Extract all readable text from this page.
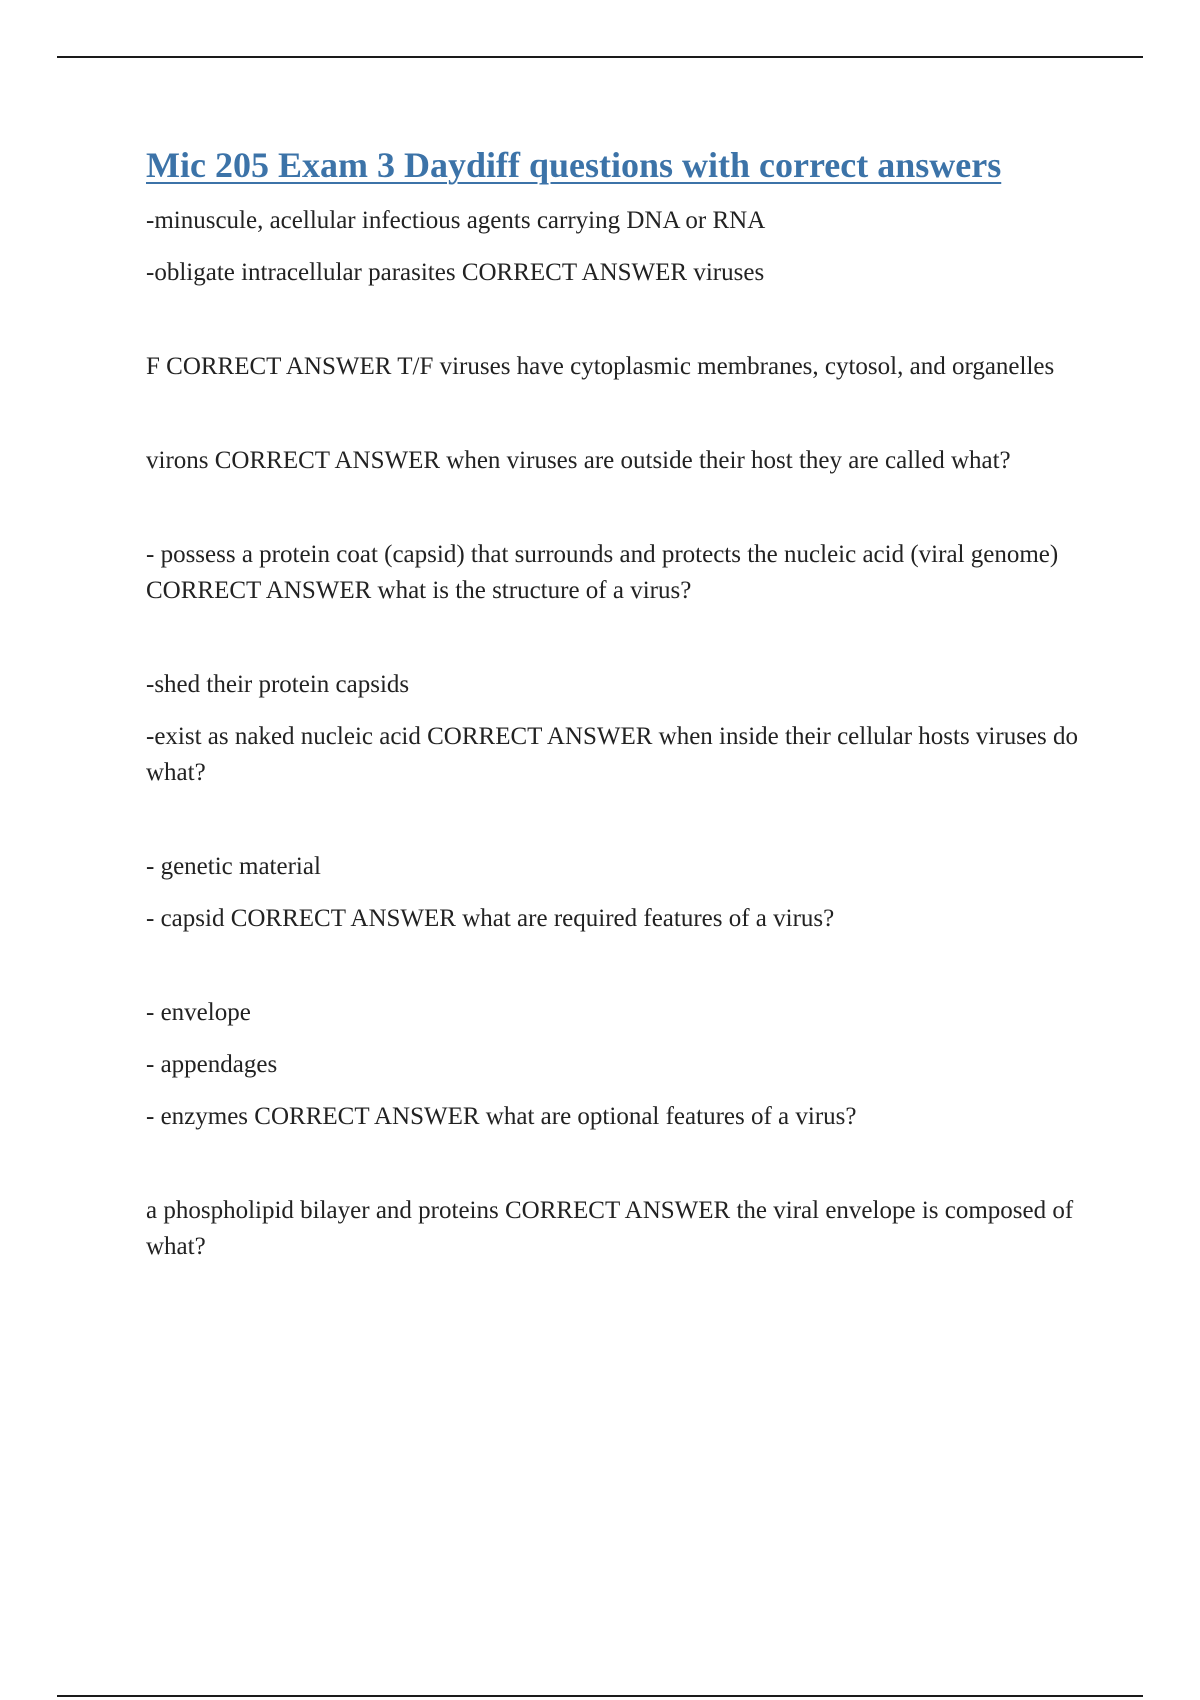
Mic 205 Exam 3 Daydiff questions with correct answers

-minuscule, acellular infectious agents carrying DNA or RNA

-obligate intracellular parasites CORRECT ANSWER viruses

F CORRECT ANSWER T/F viruses have cytoplasmic membranes, cytosol, and organelles

virons CORRECT ANSWER when viruses are outside their host they are called what?

- possess a protein coat (capsid) that surrounds and protects the nucleic acid (viral genome) CORRECT ANSWER what is the structure of a virus?

-shed their protein capsids

-exist as naked nucleic acid CORRECT ANSWER when inside their cellular hosts viruses do what?

- genetic material

- capsid CORRECT ANSWER what are required features of a virus?

- envelope

- appendages

- enzymes CORRECT ANSWER what are optional features of a virus?

a phospholipid bilayer and proteins CORRECT ANSWER the viral envelope is composed of what?
